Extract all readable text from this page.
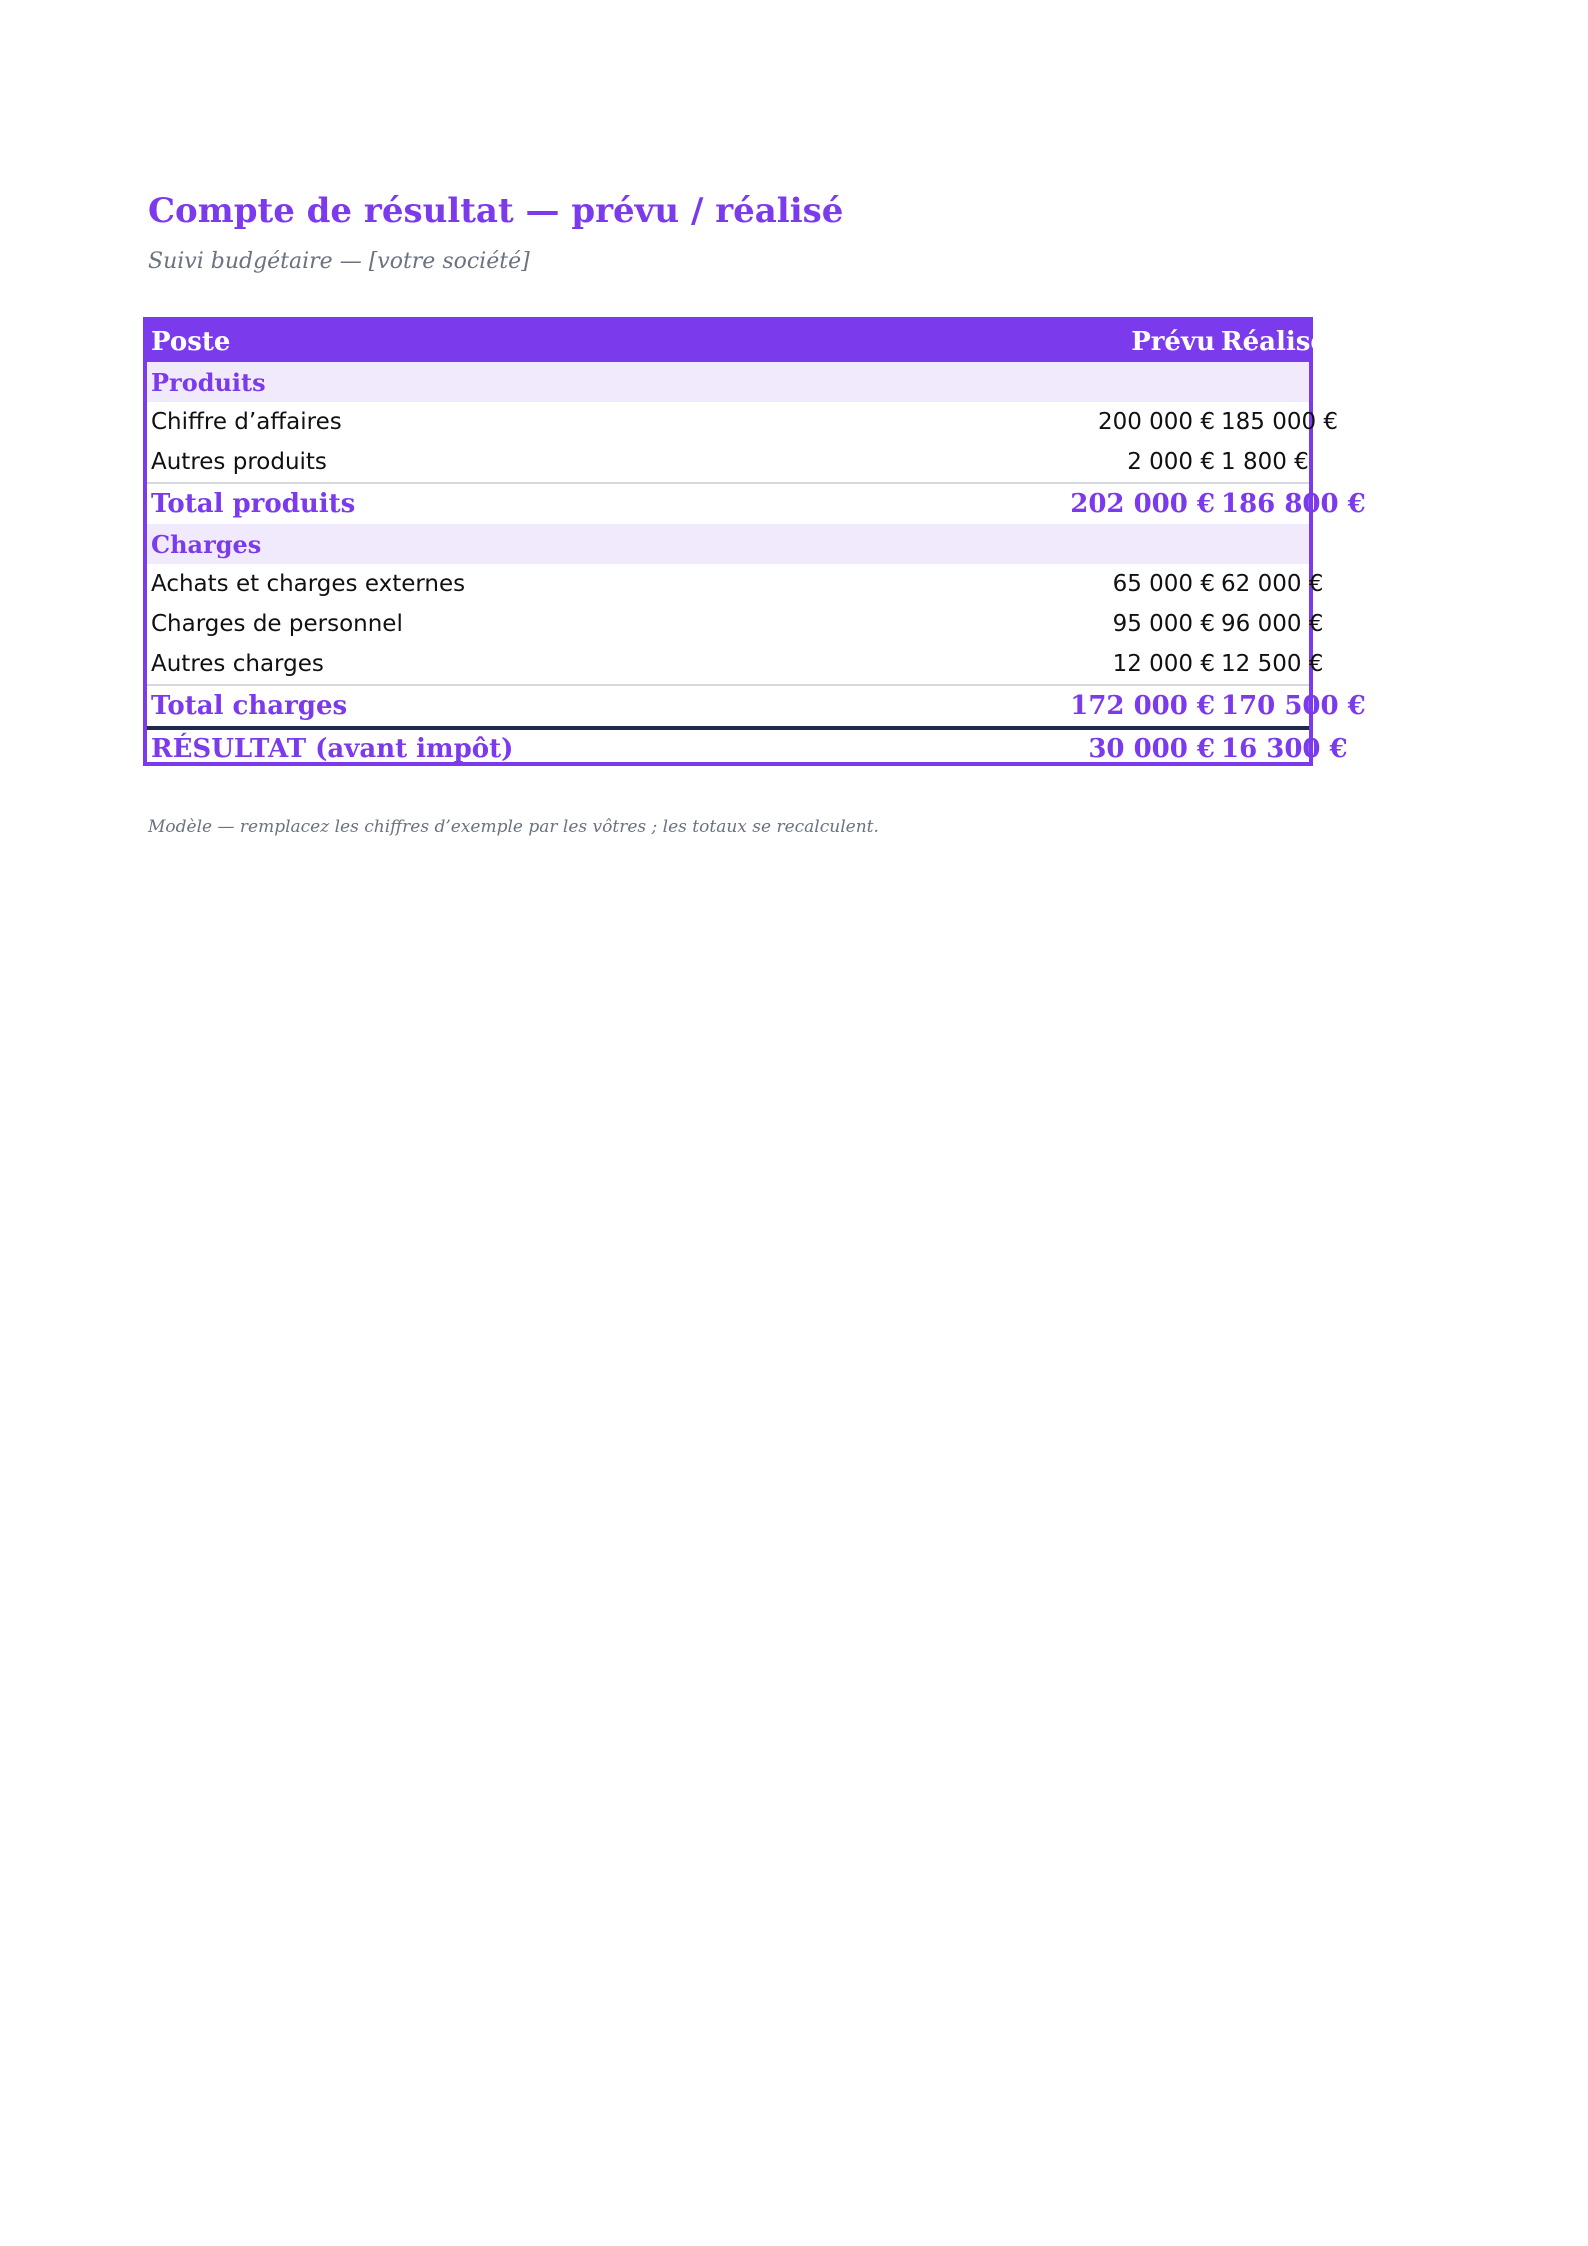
Compte de résultat — prévu / réalisé

Suivi budgétaire — [votre société]

Poste	Prévu	Réalisé
Produits		
Chiffre d’affaires	200 000 €	185 000 €
Autres produits	2 000 €	1 800 €
Total produits	202 000 €	186 800 €
Charges		
Achats et charges externes	65 000 €	62 000 €
Charges de personnel	95 000 €	96 000 €
Autres charges	12 000 €	12 500 €
Total charges	172 000 €	170 500 €
RÉSULTAT (avant impôt)	30 000 €	16 300 €

Modèle — remplacez les chiffres d’exemple par les vôtres ; les totaux se recalculent.
